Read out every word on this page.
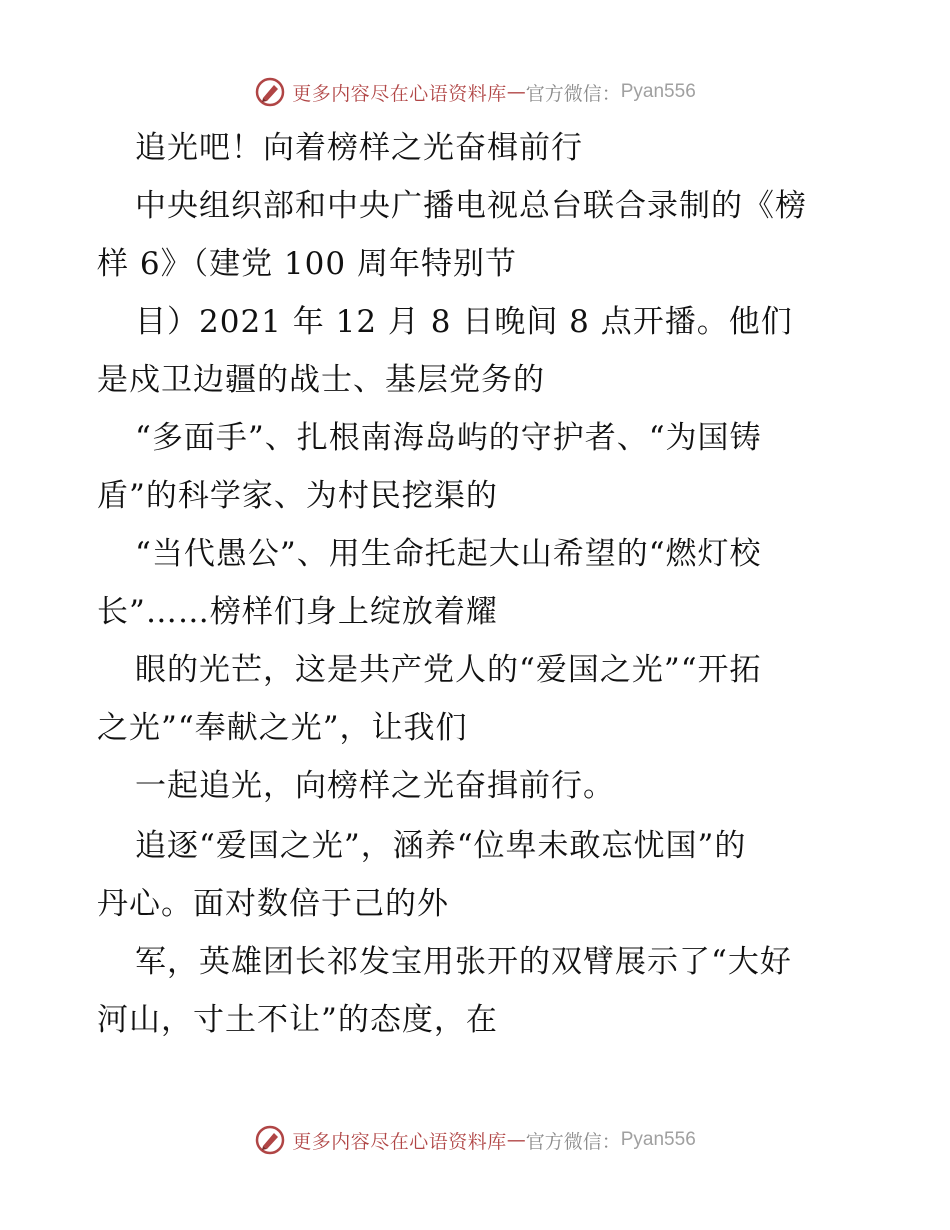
更多内容尽在心语资料库 — 官方微信： Pyan556
追光吧！向着榜样之光奋楫前行
中央组织部和中央广播电视总台联合录制的《榜
样 6》（建党 100 周年特别节
目）2021 年 12 月 8 日晚间 8 点开播。他们
是戍卫边疆的战士、基层党务的
“多面手”、扎根南海岛屿的守护者、“为国铸
盾”的科学家、为村民挖渠的
“当代愚公”、用生命托起大山希望的“燃灯校
长”……榜样们身上绽放着耀
眼的光芒，这是共产党人的“爱国之光”“开拓
之光”“奉献之光”，让我们
一起追光，向榜样之光奋揖前行。
追逐“爱国之光”，涵养“位卑未敢忘忧国”的
丹心。面对数倍于己的外
军，英雄团长祁发宝用张开的双臂展示了“大好
河山，寸土不让”的态度，在
更多内容尽在心语资料库 — 官方微信： Pyan556
